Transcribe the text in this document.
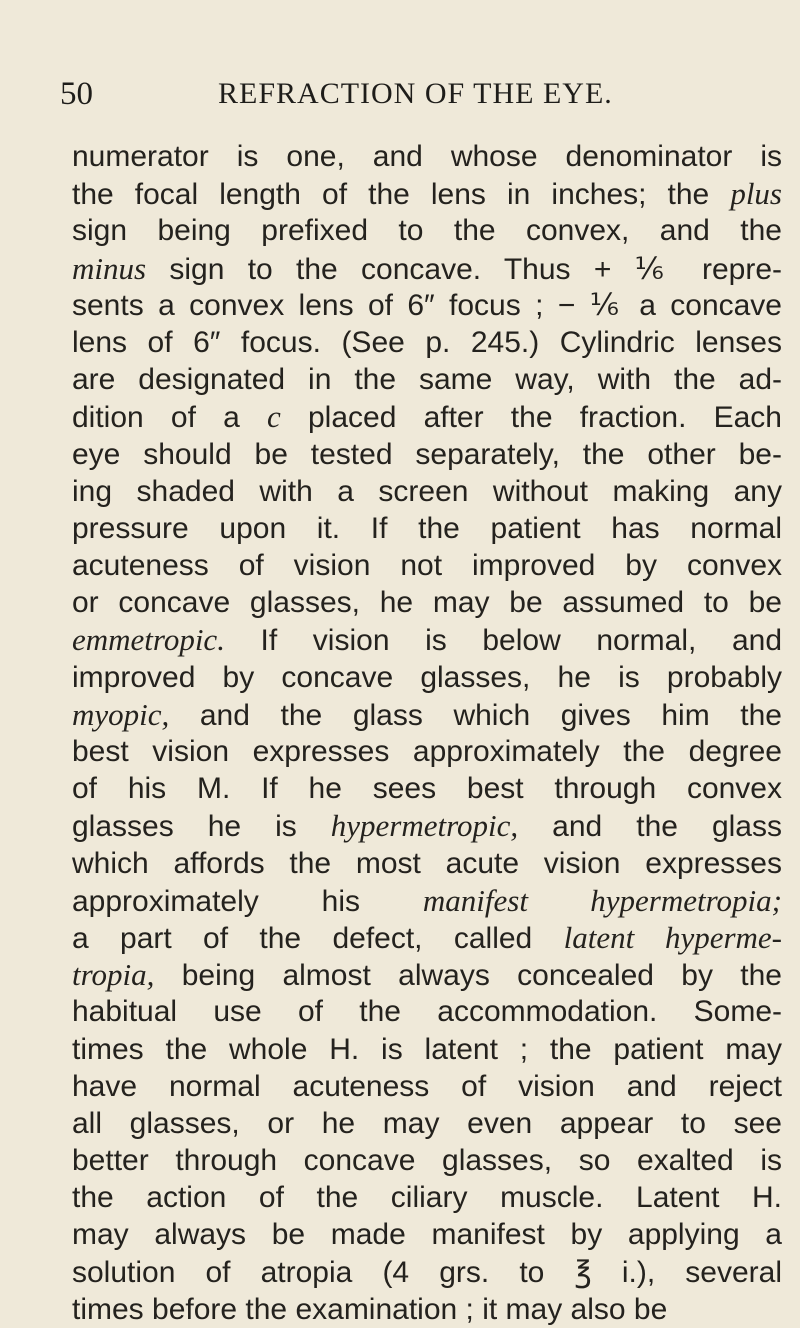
50	REFRACTION OF THE EYE.
numerator is one, and whose denominator is
the focal length of the lens in inches; the plus
sign being prefixed to the convex, and the
minus sign to the concave. Thus + ⅙ repre-
sents a convex lens of 6″ focus ; − ⅙ a concave
lens of 6″ focus. (See p. 245.) Cylindric lenses
are designated in the same way, with the ad-
dition of a c placed after the fraction. Each
eye should be tested separately, the other be-
ing shaded with a screen without making any
pressure upon it. If the patient has normal
acuteness of vision not improved by convex
or concave glasses, he may be assumed to be
emmetropic. If vision is below normal, and
improved by concave glasses, he is probably
myopic, and the glass which gives him the
best vision expresses approximately the degree
of his M. If he sees best through convex
glasses he is hypermetropic, and the glass
which affords the most acute vision expresses
approximately his manifest hypermetropia;
a part of the defect, called latent hyperme-
tropia, being almost always concealed by the
habitual use of the accommodation. Some-
times the whole H. is latent ; the patient may
have normal acuteness of vision and reject
all glasses, or he may even appear to see
better through concave glasses, so exalted is
the action of the ciliary muscle. Latent H.
may always be made manifest by applying a
solution of atropia (4 grs. to ℥ i.), several
times before the examination ; it may also be
